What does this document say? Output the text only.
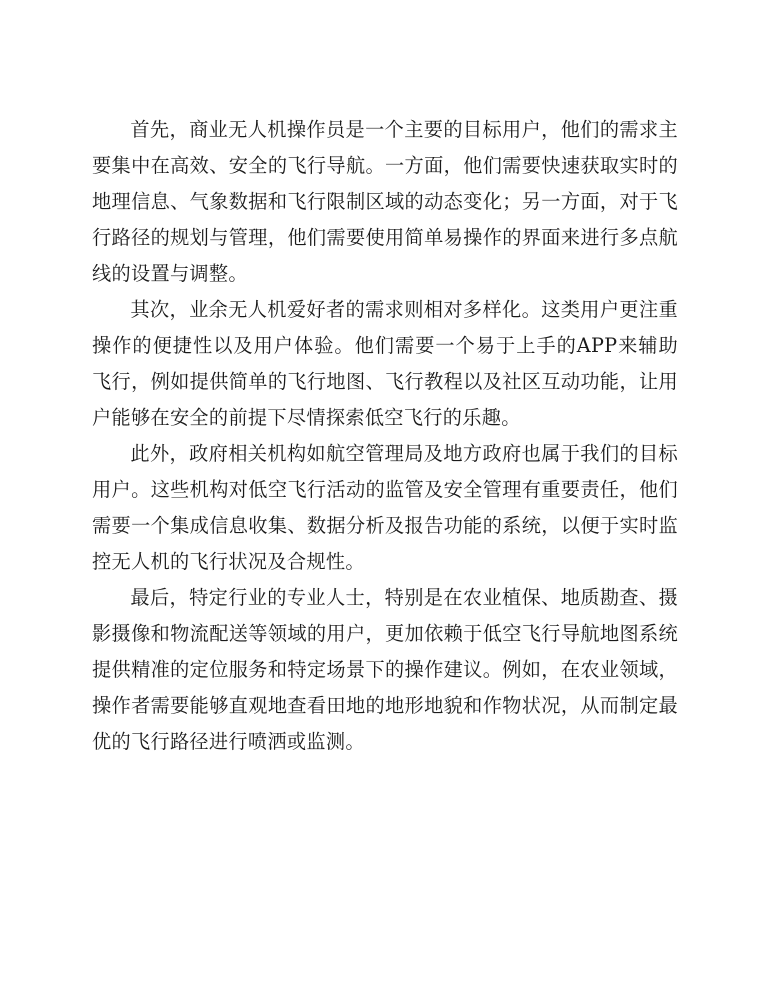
首先，商业无人机操作员是一个主要的目标用户，他们的需求主要集中在高效、安全的飞行导航。一方面，他们需要快速获取实时的地理信息、气象数据和飞行限制区域的动态变化；另一方面，对于飞行路径的规划与管理，他们需要使用简单易操作的界面来进行多点航线的设置与调整。

其次，业余无人机爱好者的需求则相对多样化。这类用户更注重操作的便捷性以及用户体验。他们需要一个易于上手的APP来辅助飞行，例如提供简单的飞行地图、飞行教程以及社区互动功能，让用户能够在安全的前提下尽情探索低空飞行的乐趣。

此外，政府相关机构如航空管理局及地方政府也属于我们的目标用户。这些机构对低空飞行活动的监管及安全管理有重要责任，他们需要一个集成信息收集、数据分析及报告功能的系统，以便于实时监控无人机的飞行状况及合规性。

最后，特定行业的专业人士，特别是在农业植保、地质勘查、摄影摄像和物流配送等领域的用户，更加依赖于低空飞行导航地图系统提供精准的定位服务和特定场景下的操作建议。例如，在农业领域，操作者需要能够直观地查看田地的地形地貌和作物状况，从而制定最优的飞行路径进行喷洒或监测。
